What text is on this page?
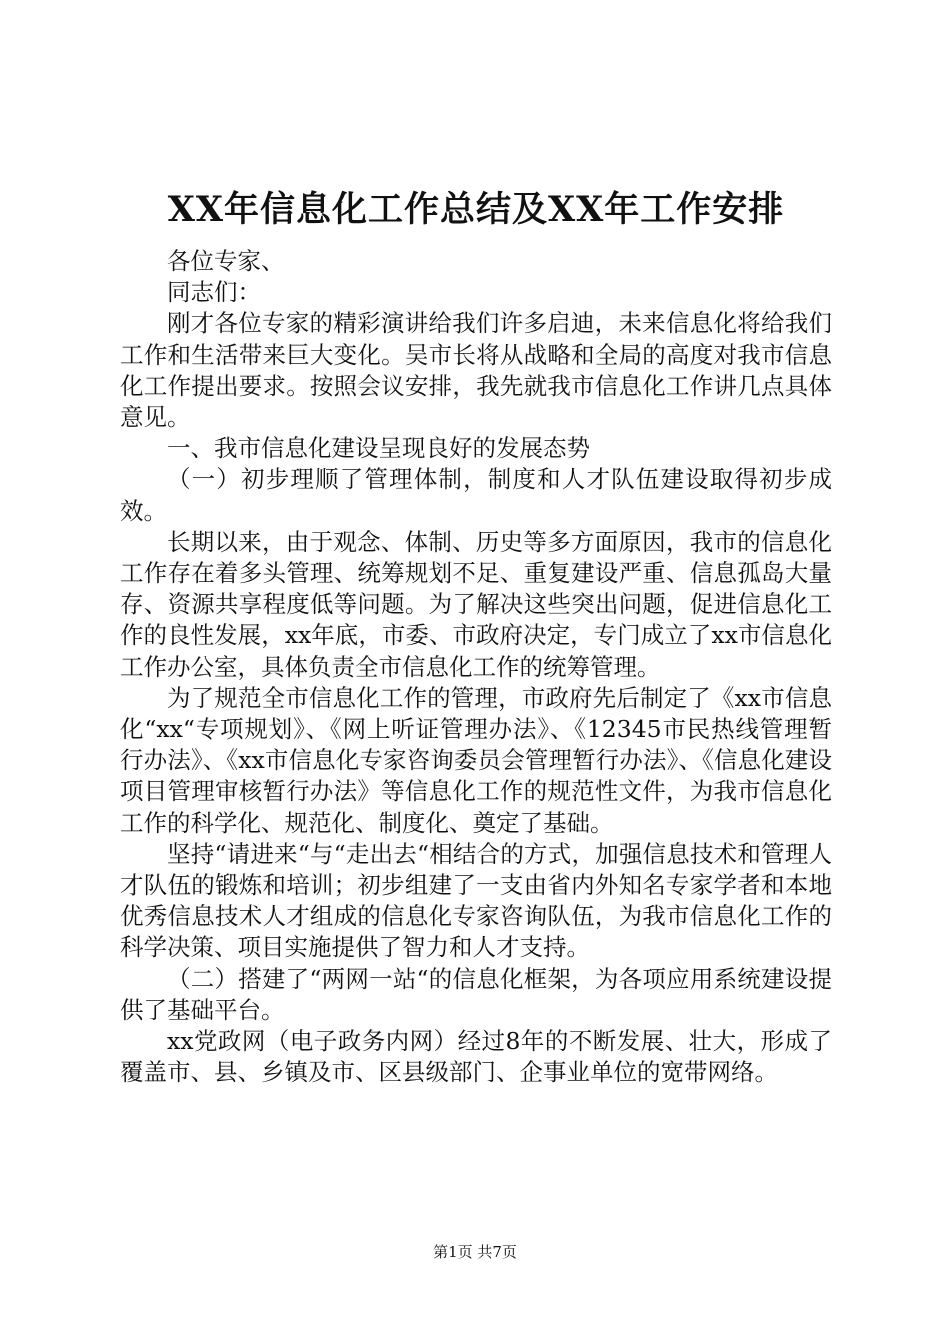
XX年信息化工作总结及XX年工作安排

各位专家、

同志们：

刚才各位专家的精彩演讲给我们许多启迪，未来信息化将给我们工作和生活带来巨大变化。吴市长将从战略和全局的高度对我市信息化工作提出要求。按照会议安排，我先就我市信息化工作讲几点具体意见。

一、我市信息化建设呈现良好的发展态势

（一）初步理顺了管理体制，制度和人才队伍建设取得初步成效。

长期以来，由于观念、体制、历史等多方面原因，我市的信息化工作存在着多头管理、统筹规划不足、重复建设严重、信息孤岛大量存、资源共享程度低等问题。为了解决这些突出问题，促进信息化工作的良性发展，xx年底，市委、市政府决定，专门成立了xx市信息化工作办公室，具体负责全市信息化工作的统筹管理。

为了规范全市信息化工作的管理，市政府先后制定了《xx市信息化“xx“专项规划》、《网上听证管理办法》、《12345市民热线管理暂行办法》、《xx市信息化专家咨询委员会管理暂行办法》、《信息化建设项目管理审核暂行办法》等信息化工作的规范性文件，为我市信息化工作的科学化、规范化、制度化、奠定了基础。

坚持“请进来“与“走出去“相结合的方式，加强信息技术和管理人才队伍的锻炼和培训；初步组建了一支由省内外知名专家学者和本地优秀信息技术人才组成的信息化专家咨询队伍，为我市信息化工作的科学决策、项目实施提供了智力和人才支持。

（二）搭建了“两网一站“的信息化框架，为各项应用系统建设提供了基础平台。

xx党政网（电子政务内网）经过8年的不断发展、壮大，形成了覆盖市、县、乡镇及市、区县级部门、企事业单位的宽带网络。

第1页 共7页
